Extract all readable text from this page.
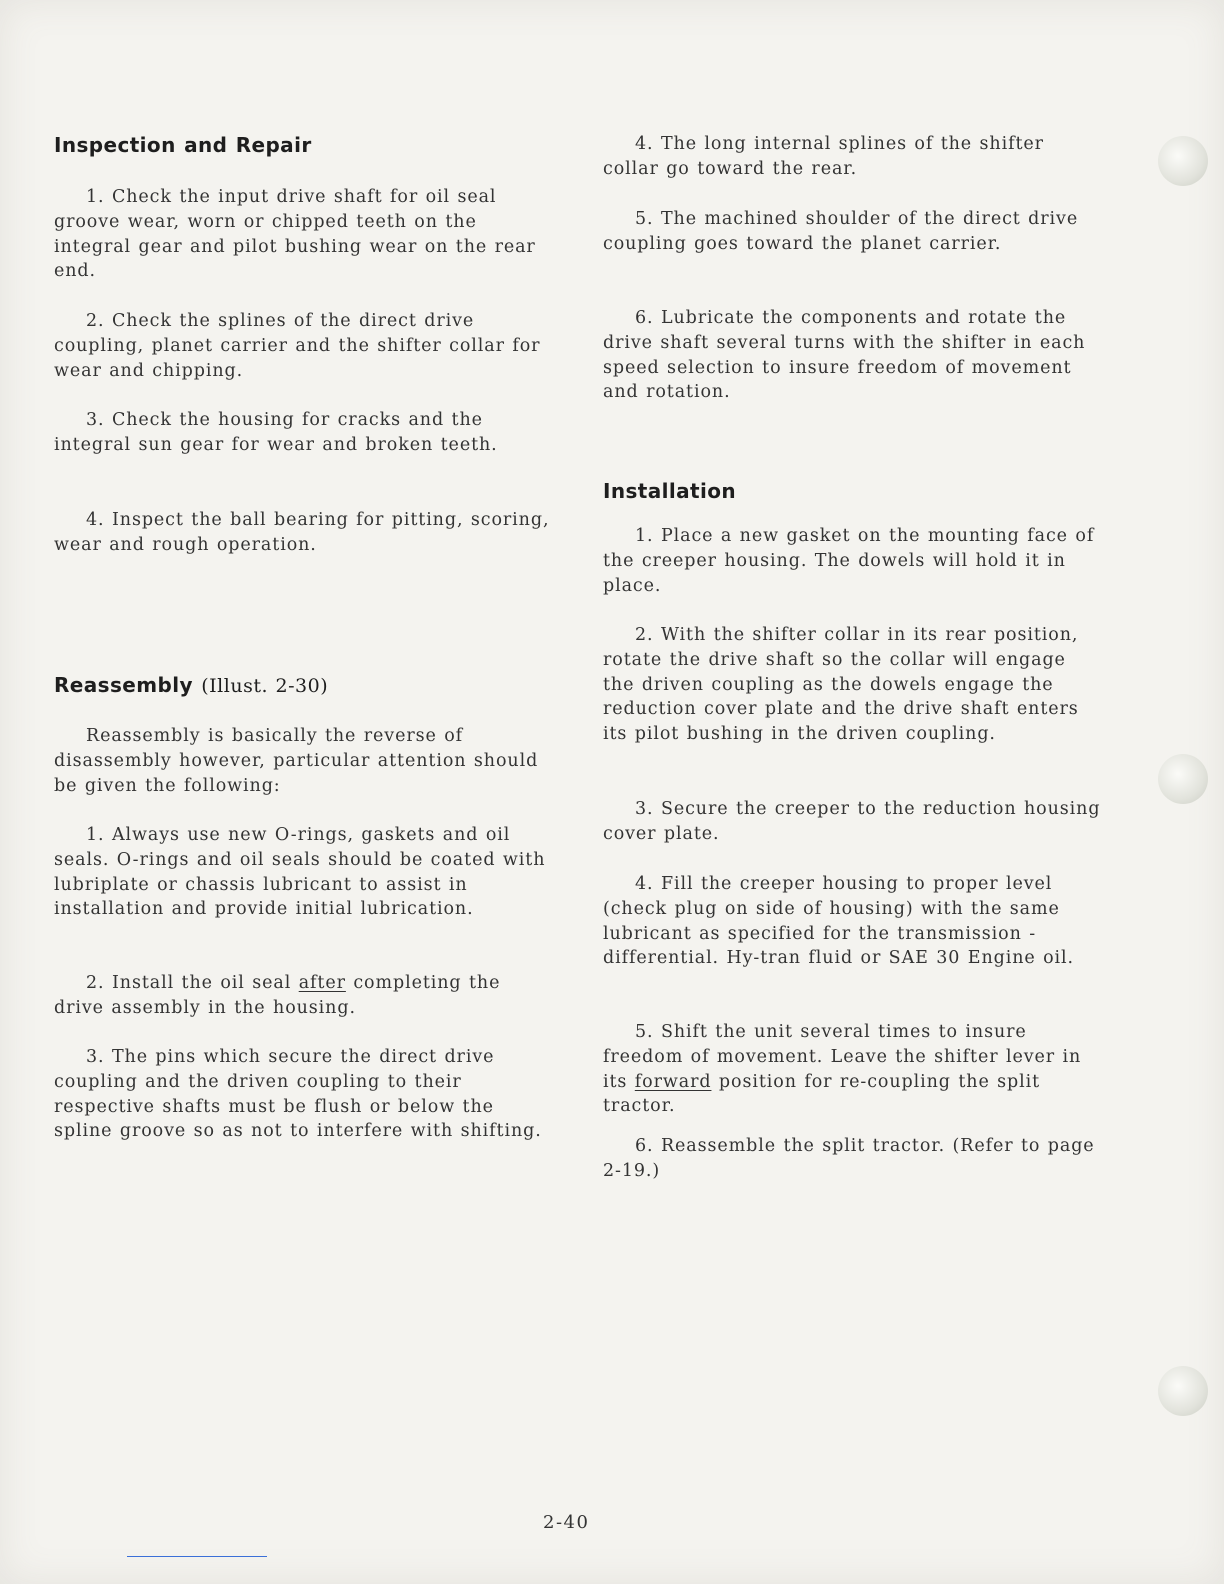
Inspection and Repair

1. Check the input drive shaft for oil seal groove wear, worn or chipped teeth on the integral gear and pilot bushing wear on the rear end.

2. Check the splines of the direct drive coupling, planet carrier and the shifter collar for wear and chipping.

3. Check the housing for cracks and the integral sun gear for wear and broken teeth.

4. Inspect the ball bearing for pitting, scoring, wear and rough operation.

Reassembly (Illust. 2-30)

Reassembly is basically the reverse of disassembly however, particular attention should be given the following:

1. Always use new O-rings, gaskets and oil seals. O-rings and oil seals should be coated with lubriplate or chassis lubricant to assist in installation and provide initial lubrication.

2. Install the oil seal after completing the drive assembly in the housing.

3. The pins which secure the direct drive coupling and the driven coupling to their respective shafts must be flush or below the spline groove so as not to interfere with shifting.

4. The long internal splines of the shifter collar go toward the rear.

5. The machined shoulder of the direct drive coupling goes toward the planet carrier.

6. Lubricate the components and rotate the drive shaft several turns with the shifter in each speed selection to insure freedom of movement and rotation.

Installation

1. Place a new gasket on the mounting face of the creeper housing. The dowels will hold it in place.

2. With the shifter collar in its rear position, rotate the drive shaft so the collar will engage the driven coupling as the dowels engage the reduction cover plate and the drive shaft enters its pilot bushing in the driven coupling.

3. Secure the creeper to the reduction housing cover plate.

4. Fill the creeper housing to proper level (check plug on side of housing) with the same lubricant as specified for the transmission - differential. Hy-tran fluid or SAE 30 Engine oil.

5. Shift the unit several times to insure freedom of movement. Leave the shifter lever in its forward position for re-coupling the split tractor.

6. Reassemble the split tractor. (Refer to page 2-19.)

2-40
